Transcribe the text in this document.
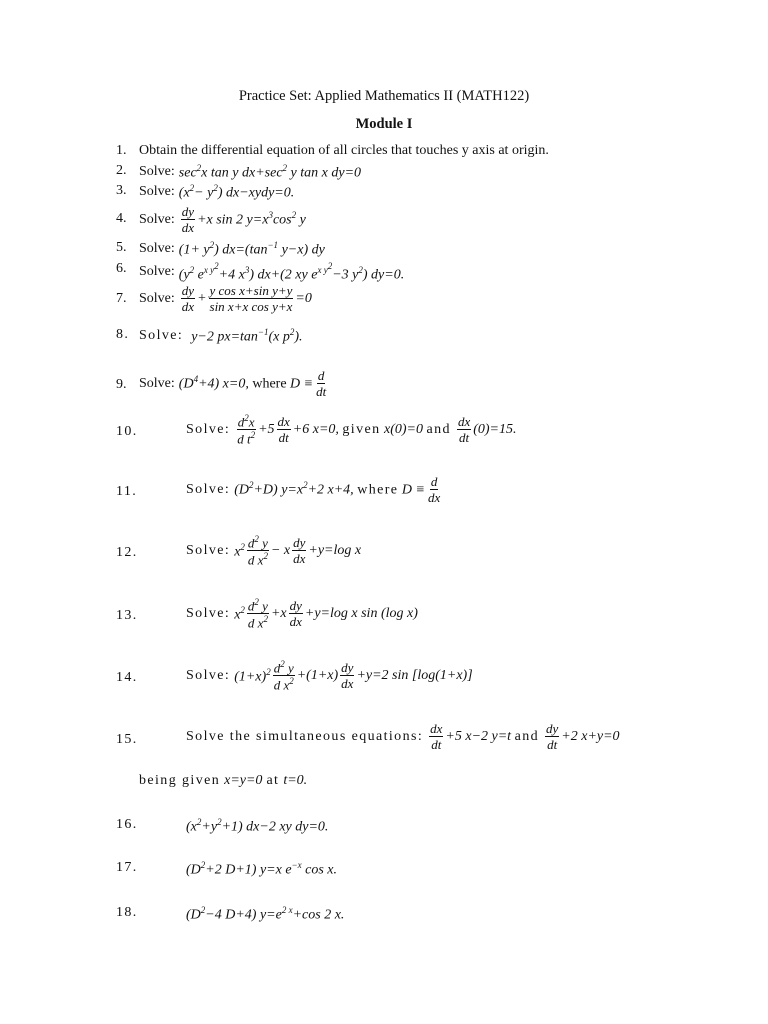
Practice Set: Applied Mathematics II (MATH122)
Module I
1. Obtain the differential equation of all circles that touches y axis at origin.
2. Solve: $\sec^2x$ tan y $dx+\sec^2$ y tan x dy=0
3. Solve: $(x^2- y^2)$ dx−xydy=0.
4. Solve: $\frac{dy}{dx} +x$ sin 2 $y=x^3\cos^2$ y
5. Solve: $(1+ y^2)$ $dx=(\tan^{-1}$ y−x) dy
6. Solve: ($y^2$ $e^{x y^2}+4$ $x^3$) dx+(2 xy $e^{x y^2}-3$ $y^2$) dy=0.
7. Solve: $\frac{dy}{dx} + \frac{\text{y cos x+sin y+y}}{\text{sin x+x cos y+x}} =0$
8. Solve: y−2 $px=\tan^{-1}(x$ $p^2$).
9. Solve: $(D^4+4)$ x=0, where $D \equiv \frac{d}{dt}$
10.	Solve: $\frac{d^2x}{d t^2} +5 \frac{dx}{dt} +6$ x=0, given x(0)=0 and $\frac{dx}{dt} (0)=15$.
11.	Solve: $(D^2+D)$ $y=x^2+2$ x+4, where $D \equiv \frac{d}{dx}$
12.	Solve: $x^2 \frac{d^2 y}{d x^2} - x \frac{dy}{dx} +y=\log$ x
13.	Solve: $x^2 \frac{d^2 y}{d x^2} +x \frac{dy}{dx} +y=\log$ x sin (log x)
14.	Solve: $(1+x)^2 \frac{d^2 y}{d x^2} +(1+x) \frac{dy}{dx} +y=2$ sin [log(1+x)]
15.	Solve the simultaneous equations: $\frac{dx}{dt} +5$ x−2 y=t and $\frac{dy}{dt} +2$ x+y=0
being given x=y=0 at t=0.
16.	$(x^2+y^2+1)$ dx−2 xy dy=0.
17.	($D^2+2$ D+1) y=x $e^{-x}$ cos x.
18.	($D^2-4$ D+4) $y=e^{2 x}+\cos$ 2 x.
